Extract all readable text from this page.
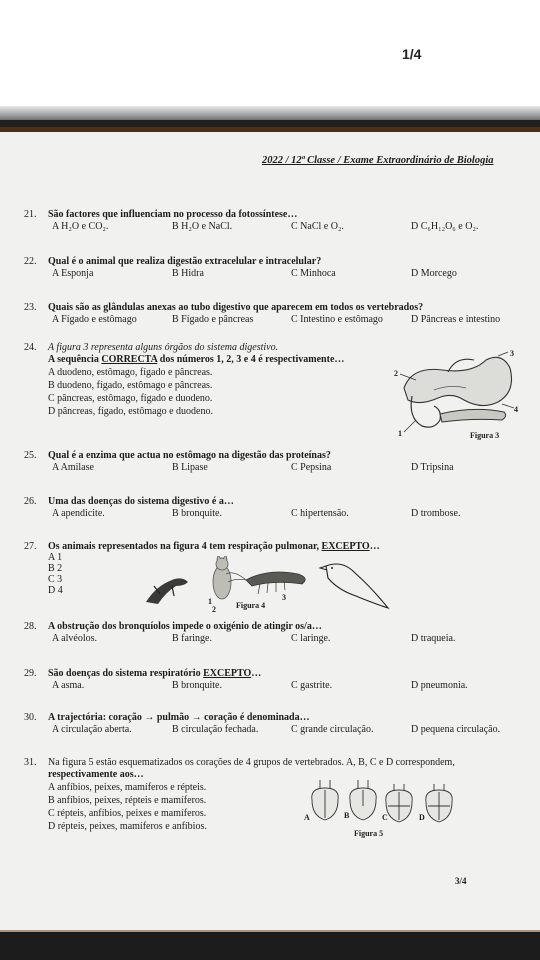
1/4
2022 / 12ª Classe / Exame Extraordinário de Biologia
21. São factores que influenciam no processo da fotossíntese…
A H₂O e CO₂.	B H₂O e NaCl.	C NaCl e O₂.	D C₆H₁₂O₆ e O₂.
22. Qual é o animal que realiza digestão extracelular e intracelular?
A Esponja	B Hidra	C Minhoca	D Morcego
23. Quais são as glândulas anexas ao tubo digestivo que aparecem em todos os vertebrados?
A Fígado e estômago	B Fígado e pâncreas	C Intestino e estômago	D Pâncreas e intestino
24. A figura 3 representa alguns órgãos do sistema digestivo.
A sequência CORRECTA dos números 1, 2, 3 e 4 é respectivamente…
A duodeno, estômago, fígado e pâncreas.
B duodeno, fígado, estômago e pâncreas.
C pâncreas, estômago, fígado e duodeno.
D pâncreas, fígado, estômago e duodeno.
2
3
4
1	Figura 3
25. Qual é a enzima que actua no estômago na digestão das proteínas?
A Amilase	B Lipase	C Pepsina	D Tripsina
26. Uma das doenças do sistema digestivo é a…
A apendicite.	B bronquite.	C hipertensão.	D trombose.
27. Os animais representados na figura 4 tem respiração pulmonar, EXCEPTO…
A 1
B 2
C 3
D 4
1
2	Figura 4
3
28. A obstrução dos bronquíolos impede o oxigénio de atingir os/a…
A alvéolos.	B faringe.	C laringe.	D traqueia.
29. São doenças do sistema respiratório EXCEPTO…
A asma.	B bronquite.	C gastrite.	D pneumonia.
30. A trajectória: coração → pulmão → coração é denominada…
A circulação aberta.	B circulação fechada.	C grande circulação.	D pequena circulação.
31. Na figura 5 estão esquematizados os corações de 4 grupos de vertebrados. A, B, C e D correspondem,
respectivamente aos…
A anfíbios, peixes, mamíferos e répteis.
B anfíbios, peixes, répteis e mamíferos.
C répteis, anfíbios, peixes e mamíferos.
D répteis, peixes, mamíferos e anfíbios.
A	B	C	D
Figura 5
3/4
